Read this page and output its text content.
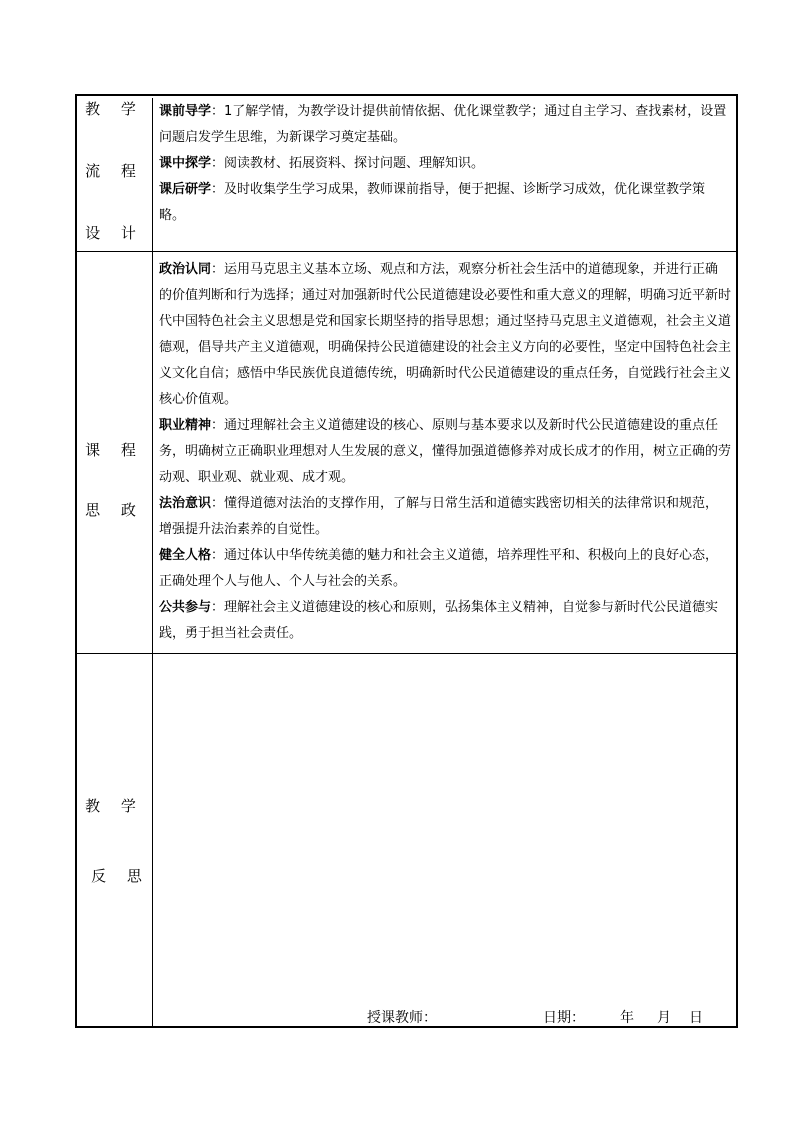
教 学
流 程
设 计

课前导学：1了解学情，为教学设计提供前情依据、优化课堂教学；通过自主学习、查找素材，设置问题启发学生思维，为新课学习奠定基础。

课中探学：阅读教材、拓展资料、探讨问题、理解知识。

课后研学：及时收集学生学习成果，教师课前指导，便于把握、诊断学习成效，优化课堂教学策略。

课 程
思 政

政治认同：运用马克思主义基本立场、观点和方法，观察分析社会生活中的道德现象，并进行正确的价值判断和行为选择；通过对加强新时代公民道德建设必要性和重大意义的理解，明确习近平新时代中国特色社会主义思想是党和国家长期坚持的指导思想；通过坚持马克思主义道德观，社会主义道德观，倡导共产主义道德观，明确保持公民道德建设的社会主义方向的必要性，坚定中国特色社会主义文化自信；感悟中华民族优良道德传统，明确新时代公民道德建设的重点任务，自觉践行社会主义核心价值观。

职业精神：通过理解社会主义道德建设的核心、原则与基本要求以及新时代公民道德建设的重点任务，明确树立正确职业理想对人生发展的意义，懂得加强道德修养对成长成才的作用，树立正确的劳动观、职业观、就业观、成才观。

法治意识：懂得道德对法治的支撑作用，了解与日常生活和道德实践密切相关的法律常识和规范，增强提升法治素养的自觉性。

健全人格：通过体认中华传统美德的魅力和社会主义道德，培养理性平和、积极向上的良好心态，正确处理个人与他人、个人与社会的关系。

公共参与：理解社会主义道德建设的核心和原则，弘扬集体主义精神，自觉参与新时代公民道德实践，勇于担当社会责任。

教 学
反 思
授课教师：	日期：	年 月 日
